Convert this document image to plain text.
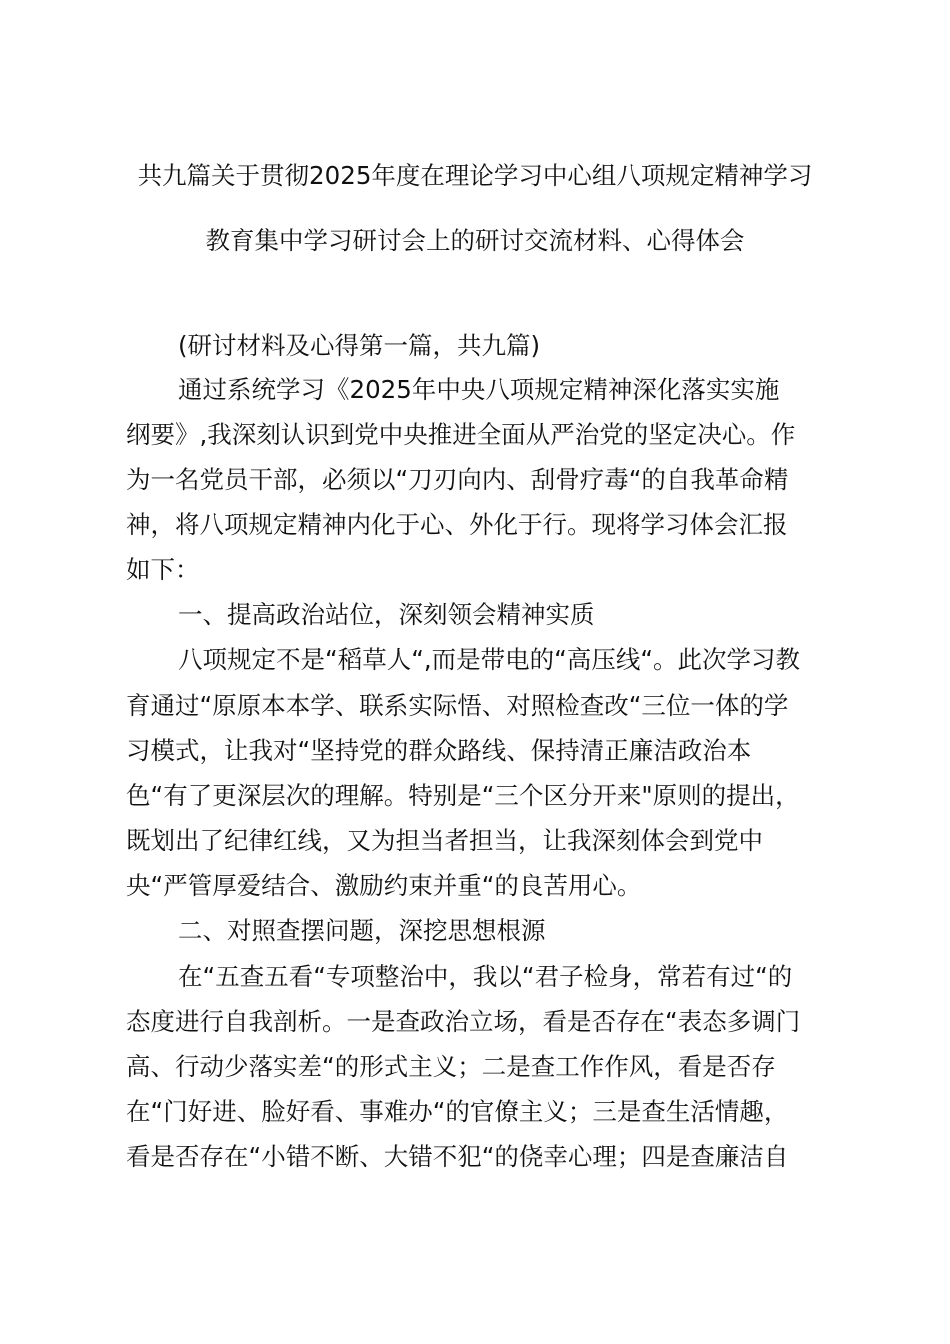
共九篇关于贯彻2025年度在理论学习中心组八项规定精神学习
教育集中学习研讨会上的研讨交流材料、心得体会
(研讨材料及心得第一篇，共九篇)
通过系统学习《2025年中央八项规定精神深化落实实施
纲要》,我深刻认识到党中央推进全面从严治党的坚定决心。作
为一名党员干部，必须以“刀刃向内、刮骨疗毒“的自我革命精
神，将八项规定精神内化于心、外化于行。现将学习体会汇报
如下：
一、提高政治站位，深刻领会精神实质
八项规定不是“稻草人“,而是带电的“高压线“。此次学习教
育通过“原原本本学、联系实际悟、对照检查改“三位一体的学
习模式，让我对“坚持党的群众路线、保持清正廉洁政治本
色“有了更深层次的理解。特别是“三个区分开来"原则的提出，
既划出了纪律红线，又为担当者担当，让我深刻体会到党中
央“严管厚爱结合、激励约束并重“的良苦用心。
二、对照查摆问题，深挖思想根源
在“五查五看“专项整治中，我以“君子检身，常若有过“的
态度进行自我剖析。一是查政治立场，看是否存在“表态多调门
高、行动少落实差“的形式主义；二是查工作作风，看是否存
在“门好进、脸好看、事难办“的官僚主义；三是查生活情趣，
看是否存在“小错不断、大错不犯“的侥幸心理；四是查廉洁自
